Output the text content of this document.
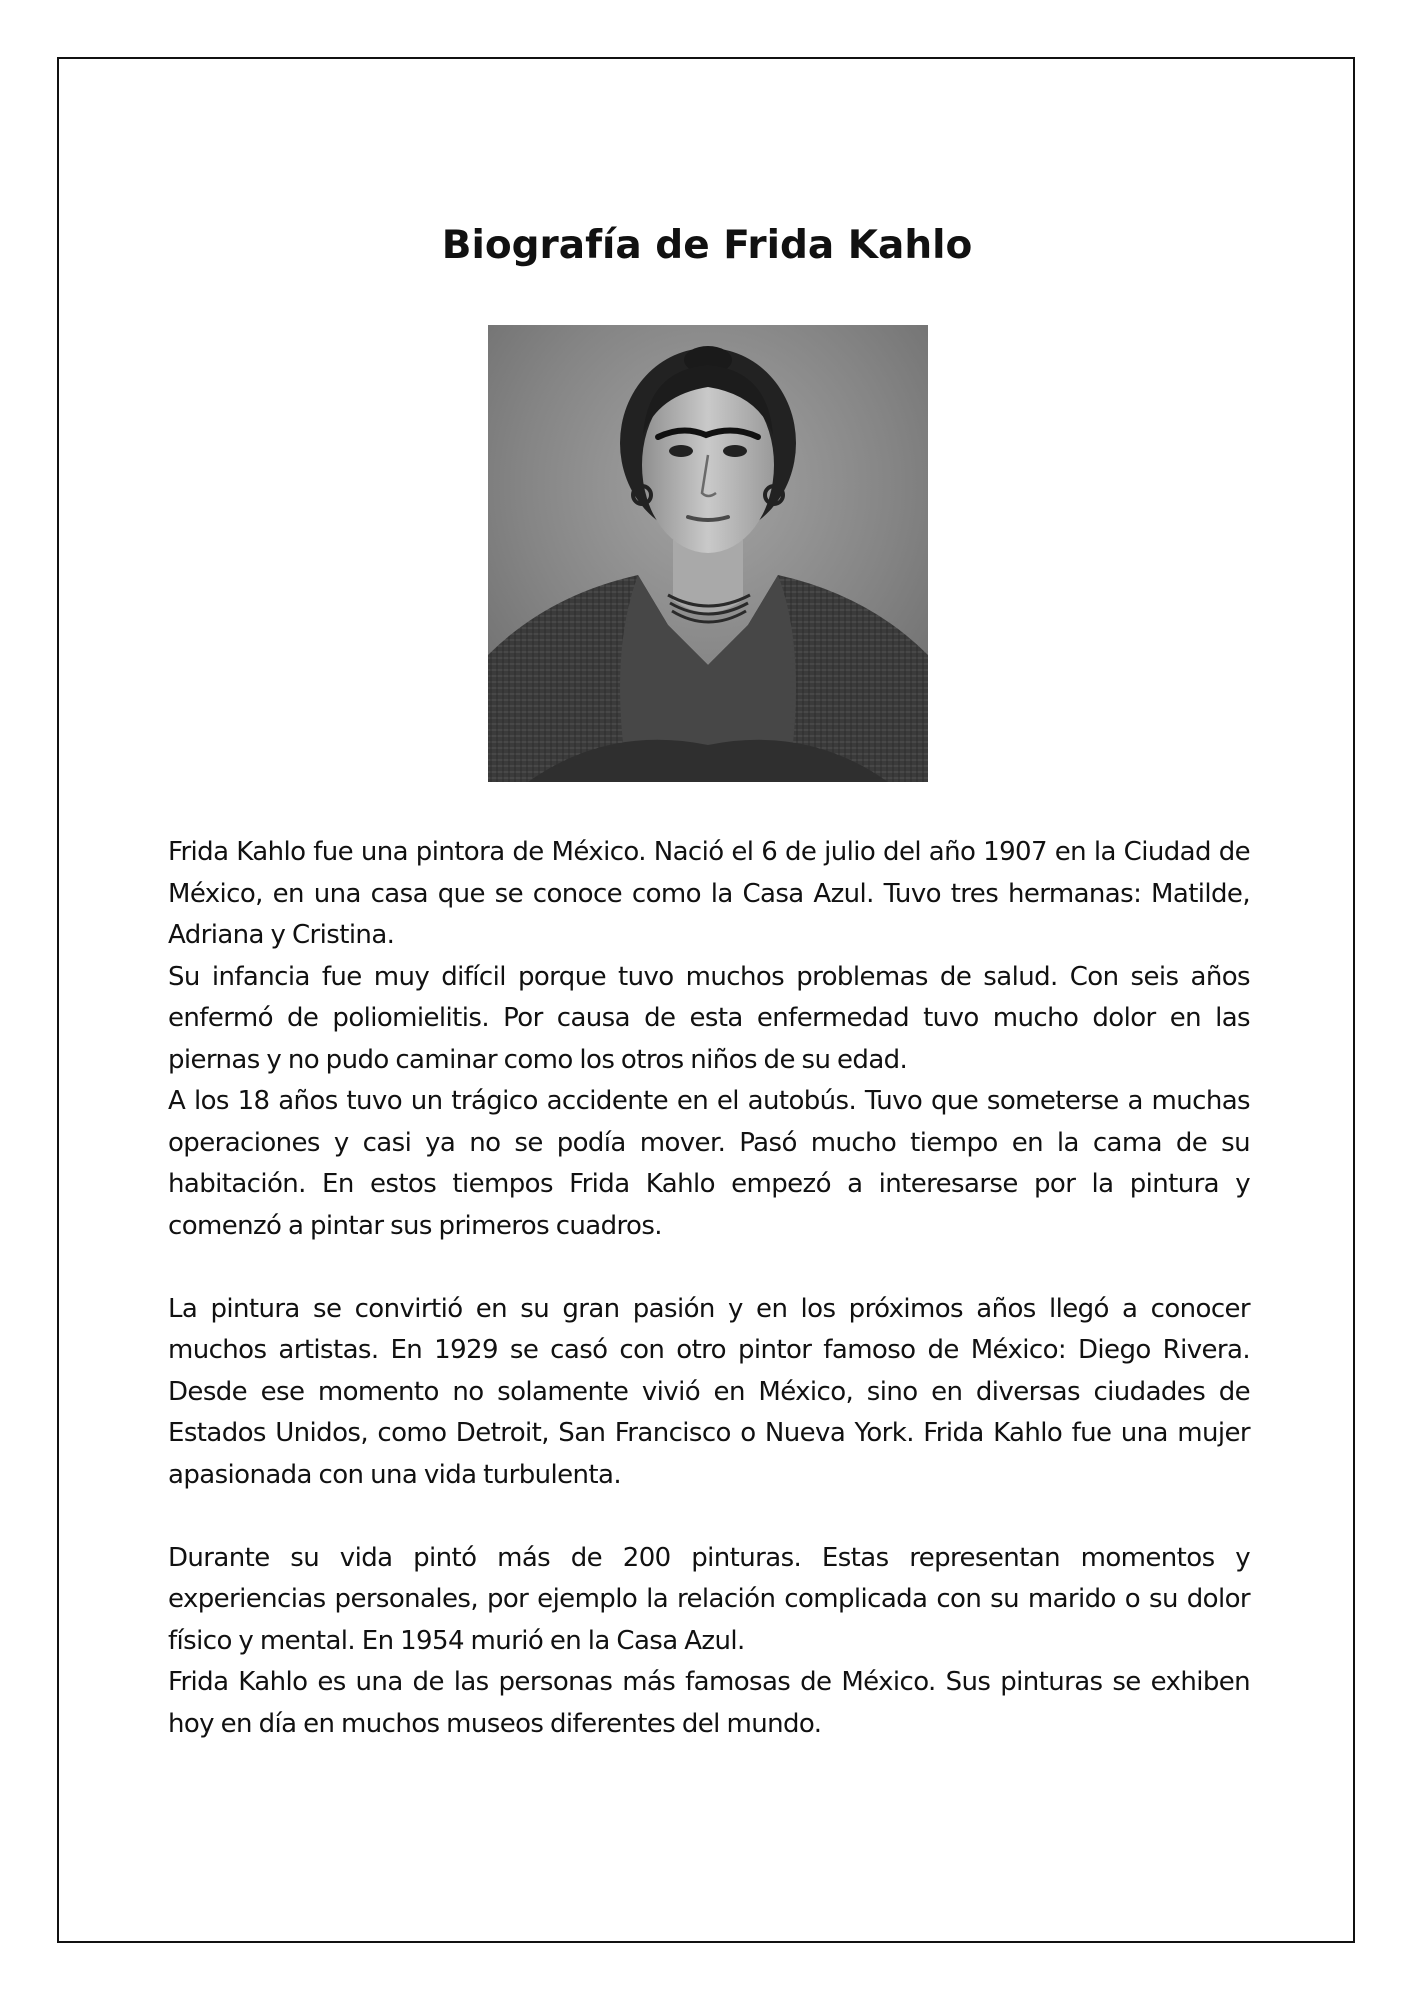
Biografía de Frida Kahlo

Frida Kahlo fue una pintora de México. Nació el 6 de julio del año 1907 en la Ciudad de México, en una casa que se conoce como la Casa Azul. Tuvo tres hermanas: Matilde, Adriana y Cristina.

Su infancia fue muy difícil porque tuvo muchos problemas de salud. Con seis años enfermó de poliomielitis. Por causa de esta enfermedad tuvo mucho dolor en las piernas y no pudo caminar como los otros niños de su edad.

A los 18 años tuvo un trágico accidente en el autobús. Tuvo que someterse a muchas operaciones y casi ya no se podía mover. Pasó mucho tiempo en la cama de su habitación. En estos tiempos Frida Kahlo empezó a interesarse por la pintura y comenzó a pintar sus primeros cuadros.

La pintura se convirtió en su gran pasión y en los próximos años llegó a conocer muchos artistas. En 1929 se casó con otro pintor famoso de México: Diego Rivera. Desde ese momento no solamente vivió en México, sino en diversas ciudades de Estados Unidos, como Detroit, San Francisco o Nueva York. Frida Kahlo fue una mujer apasionada con una vida turbulenta.

Durante su vida pintó más de 200 pinturas. Estas representan momentos y experiencias personales, por ejemplo la relación complicada con su marido o su dolor físico y mental. En 1954 murió en la Casa Azul.

Frida Kahlo es una de las personas más famosas de México. Sus pinturas se exhiben hoy en día en muchos museos diferentes del mundo.
